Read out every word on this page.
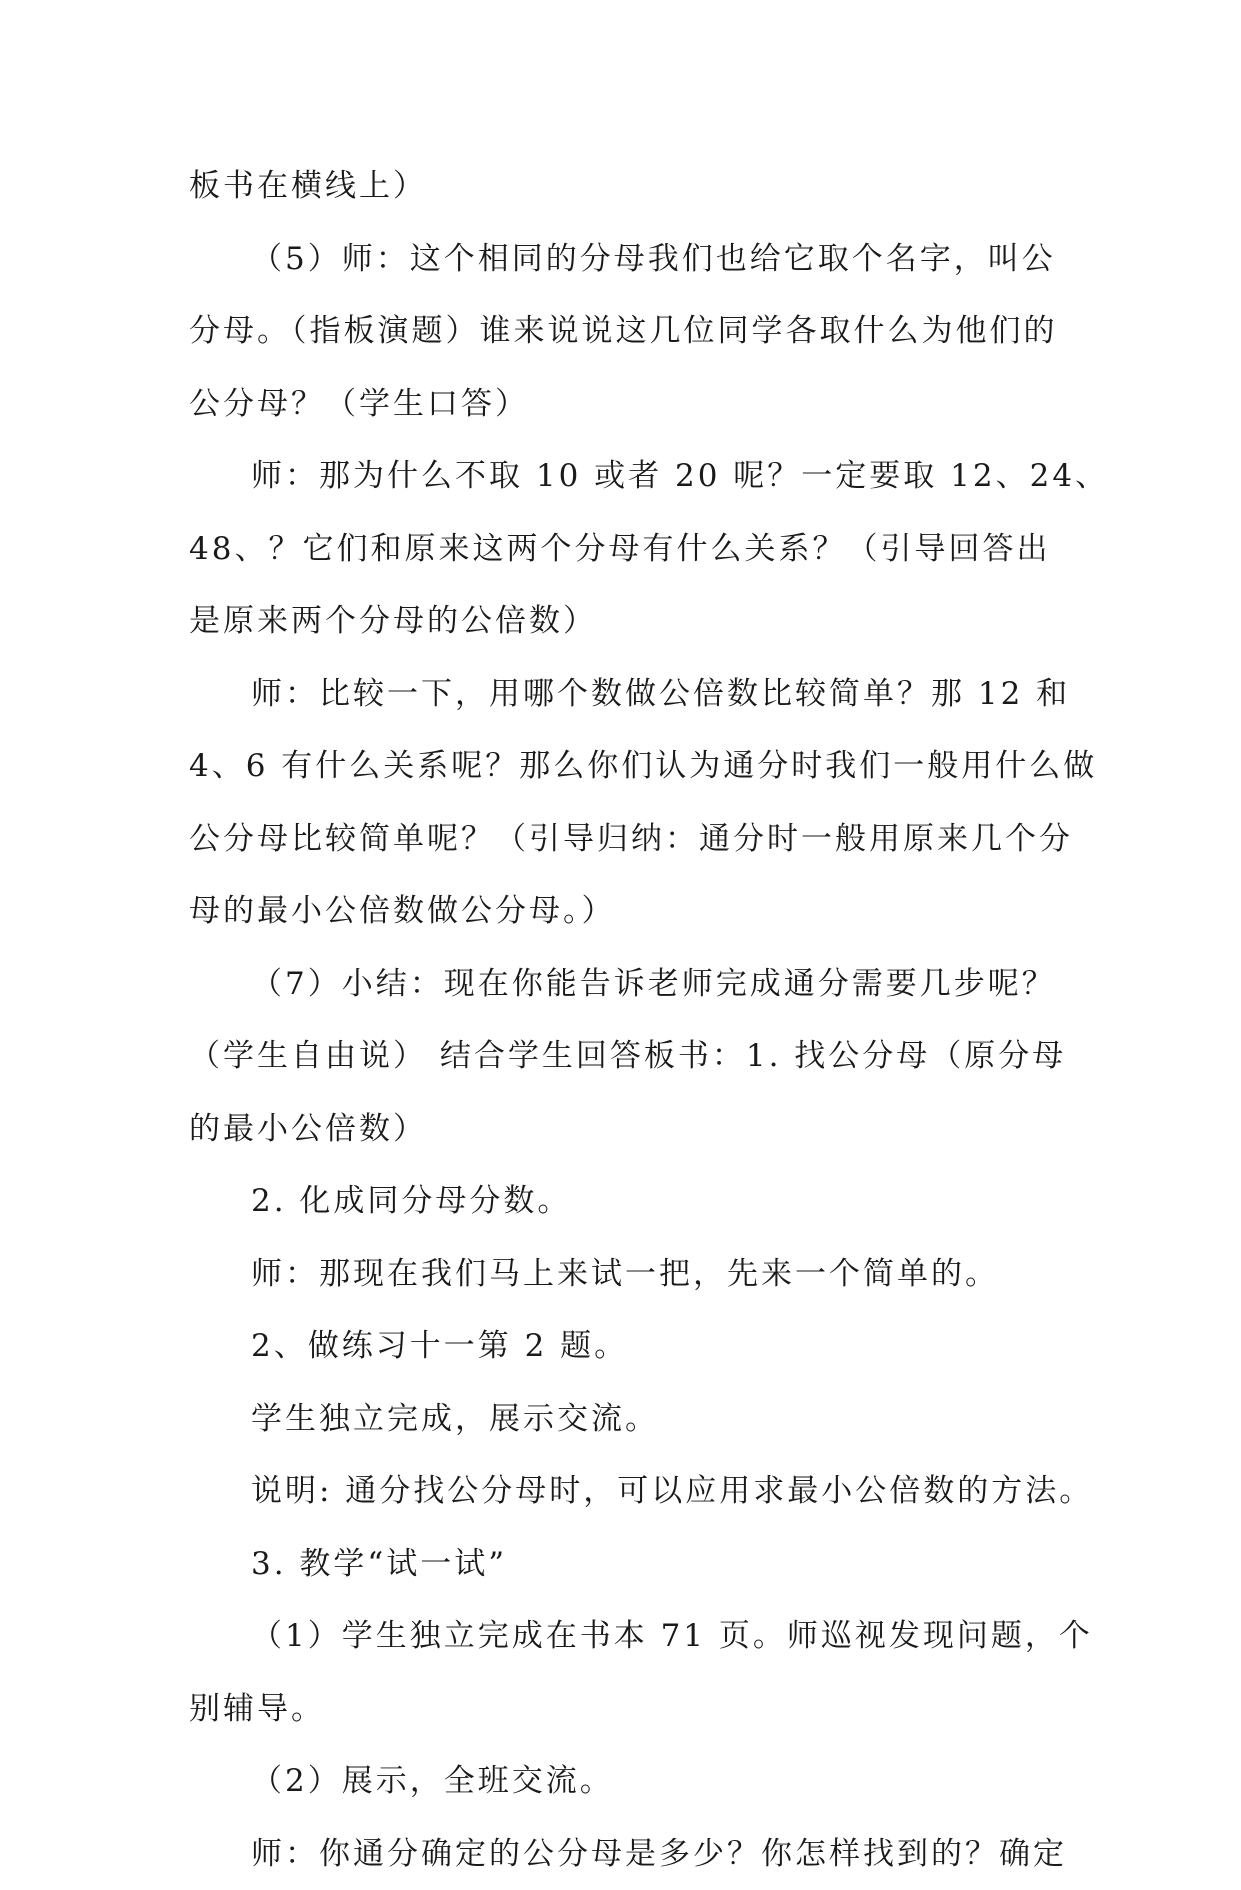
板书在横线上）
（5）师：这个相同的分母我们也给它取个名字，叫公
分母。（指板演题）谁来说说这几位同学各取什么为他们的
公分母？（学生口答）
师：那为什么不取 10 或者 20 呢？一定要取 12、24、
48、？它们和原来这两个分母有什么关系？（引导回答出
是原来两个分母的公倍数）
师：比较一下，用哪个数做公倍数比较简单？那 12 和
4、6 有什么关系呢？那么你们认为通分时我们一般用什么做
公分母比较简单呢？（引导归纳：通分时一般用原来几个分
母的最小公倍数做公分母。）
（7）小结：现在你能告诉老师完成通分需要几步呢？
（学生自由说） 结合学生回答板书：1. 找公分母（原分母
的最小公倍数）
2. 化成同分母分数。
师：那现在我们马上来试一把，先来一个简单的。
2、做练习十一第 2 题。
学生独立完成，展示交流。
说明: 通分找公分母时，可以应用求最小公倍数的方法。
3. 教学“试一试”
（1）学生独立完成在书本 71 页。师巡视发现问题，个
别辅导。
（2）展示，全班交流。
师：你通分确定的公分母是多少？你怎样找到的？确定
